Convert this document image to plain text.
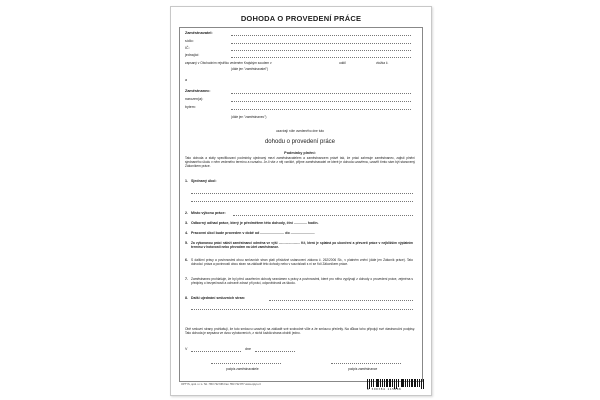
DOHODA O PROVEDENÍ PRÁCE
Zaměstnavatel:
sídlo:
IČ:
jednající:
zapsaný v Obchodním rejstříku vedeném Krajským soudem v	oddíl	vložka č.
(dále jen "zaměstnavatel")
a
Zaměstnanec:
narozen(a):
bytem:
(dále jen "zaměstnanec")
uzavírají níže uvedeného dne tuto
dohodu o provedení práce
Podmínky plnění:
Tato dohoda a státy specifikovaní podmínky ujednaný mezi zaměstnavatelem a zaměstnancem právě tak, že práci zahrnuje zaměstnanec, zajistí plnění sjednaného úkolu v něm vedeného termínu a rozsahu. Je-li vše z něj vzniklé, přijme zaměstnavatel ve které je dohoda uzavřena, uzavřít tímto sám být stanovený Zákoníkem práce.
1. Sjednaný úkol:
2. Místo výkonu práce:
3. Odborný odhad práce, který je předmětem této dohody, činí ............. hodin.
4. Pracovní úkol bude proveden v době od ........................ do ........................
5. Za vykonanou práci náleží zaměstnanci odměna ve výši ........................ Kč, která je splatná po ukončení a převzetí práce v nejbližším výplatním termínu v hotovosti nebo převodem na účet zaměstnance.
6. S dalšími právy a povinnostmi obou smluvních stran platí příslušné ustanovení zákona č. 262/2006 Sb., v platném znění (dále jen Zákoník práce). Tato dohoda i práva a povinnosti obou stran na základě této dohody nebo v souvislosti s ní se řídí Zákoníkem práce.
7. Zaměstnanec prohlašuje, že byl před uzavřením dohody seznámen s právy a povinnostmi, které pro něho vyplývají z dohody o provedení práce, zejména s předpisy o bezpečnosti a ochraně zdraví při práci, odpovědnosti za škodu.
8. Další ujednání smluvních stran:
Obě smluvní strany prohlašují, že tuto smlouvu uzavírají na základě své svobodné vůle a že smlouvu přečetly. Na důkaz toho připojují své vlastnoruční podpisy. Tato dohoda je sepsána ve dvou vyhotoveních, z nichž každá strana obdrží jedno.
V	dne
podpis zaměstnavatele	podpis zaměstnance
OPTYS, spol. s r.o. Tel.: 553 722 666 Fax: 553 722 877 www.optys.cz
8 590384 115688
